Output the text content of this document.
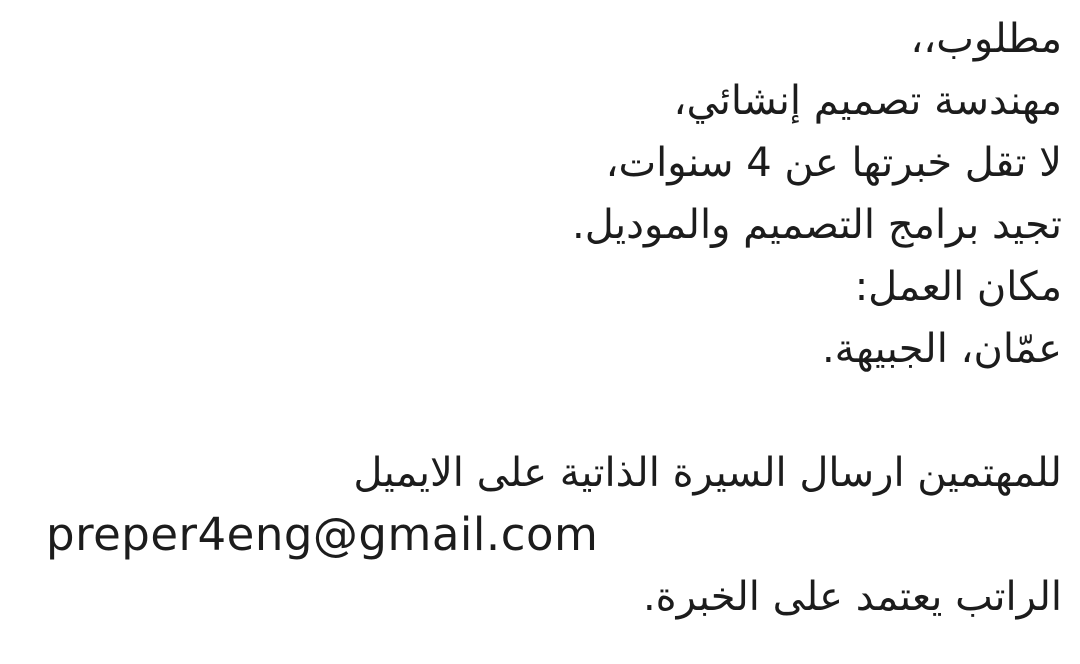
مطلوب،،
مهندسة تصميم إنشائي،
لا تقل خبرتها عن 4 سنوات،
تجيد برامج التصميم والموديل.
مكان العمل:
عمّان، الجبيهة.
للمهتمين ارسال السيرة الذاتية على الايميل
preper4eng@gmail.com
الراتب يعتمد على الخبرة.
